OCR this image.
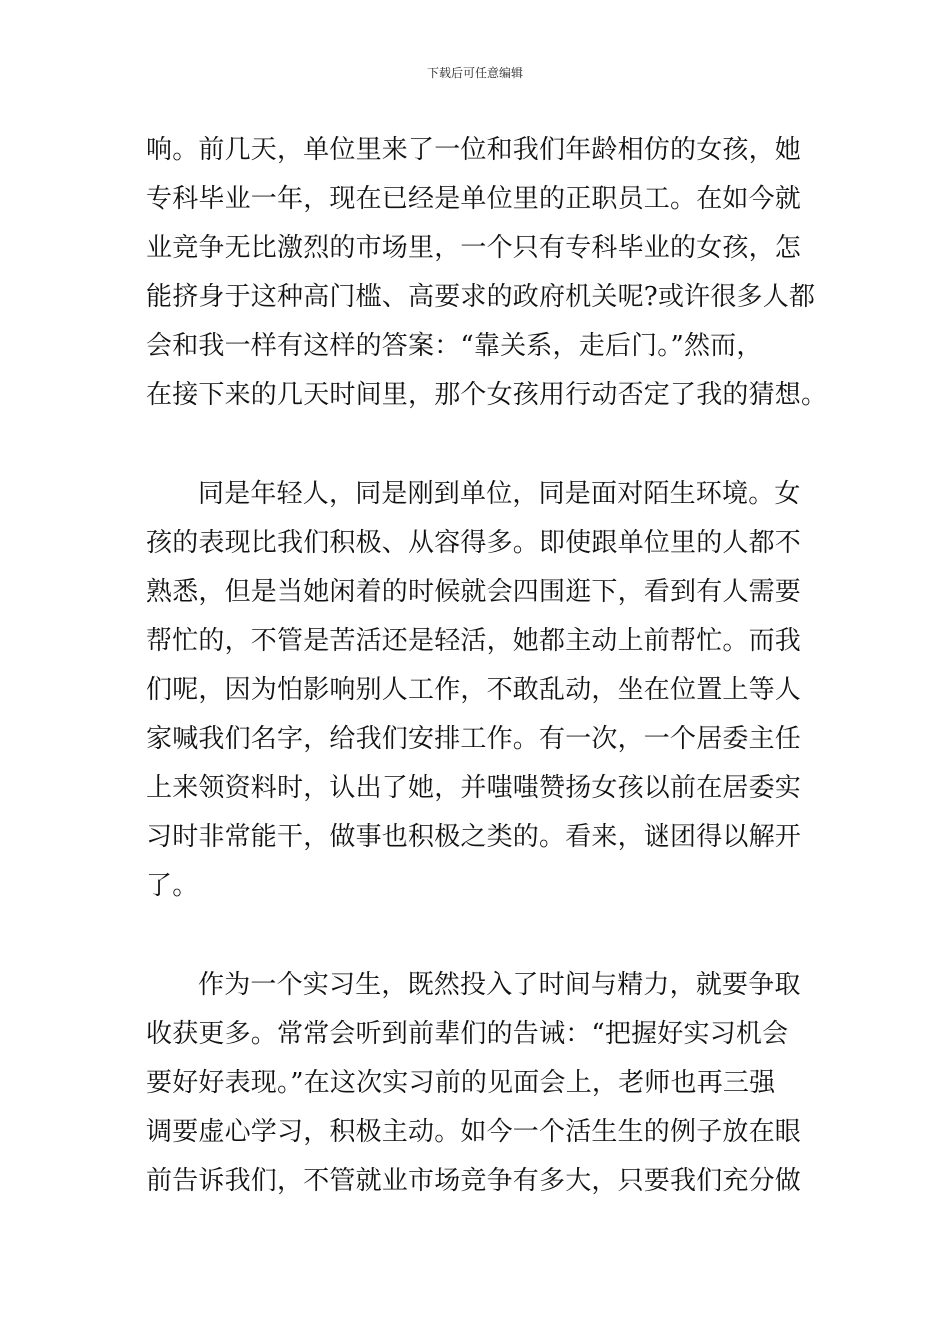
下载后可任意编辑
响。前几天，单位里来了一位和我们年龄相仿的女孩，她
专科毕业一年，现在已经是单位里的正职员工。在如今就
业竞争无比激烈的市场里，一个只有专科毕业的女孩，怎
能挤身于这种高门槛、高要求的政府机关呢?或许很多人都
会和我一样有这样的答案：“靠关系，走后门。”然而，
在接下来的几天时间里，那个女孩用行动否定了我的猜想。
同是年轻人，同是刚到单位，同是面对陌生环境。女
孩的表现比我们积极、从容得多。即使跟单位里的人都不
熟悉，但是当她闲着的时候就会四围逛下，看到有人需要
帮忙的，不管是苦活还是轻活，她都主动上前帮忙。而我
们呢，因为怕影响别人工作，不敢乱动，坐在位置上等人
家喊我们名字，给我们安排工作。有一次，一个居委主任
上来领资料时，认出了她，并嗤嗤赞扬女孩以前在居委实
习时非常能干，做事也积极之类的。看来，谜团得以解开
了。
作为一个实习生，既然投入了时间与精力，就要争取
收获更多。常常会听到前辈们的告诫：“把握好实习机会
要好好表现。”在这次实习前的见面会上，老师也再三强
调要虚心学习，积极主动。如今一个活生生的例子放在眼
前告诉我们，不管就业市场竞争有多大，只要我们充分做
